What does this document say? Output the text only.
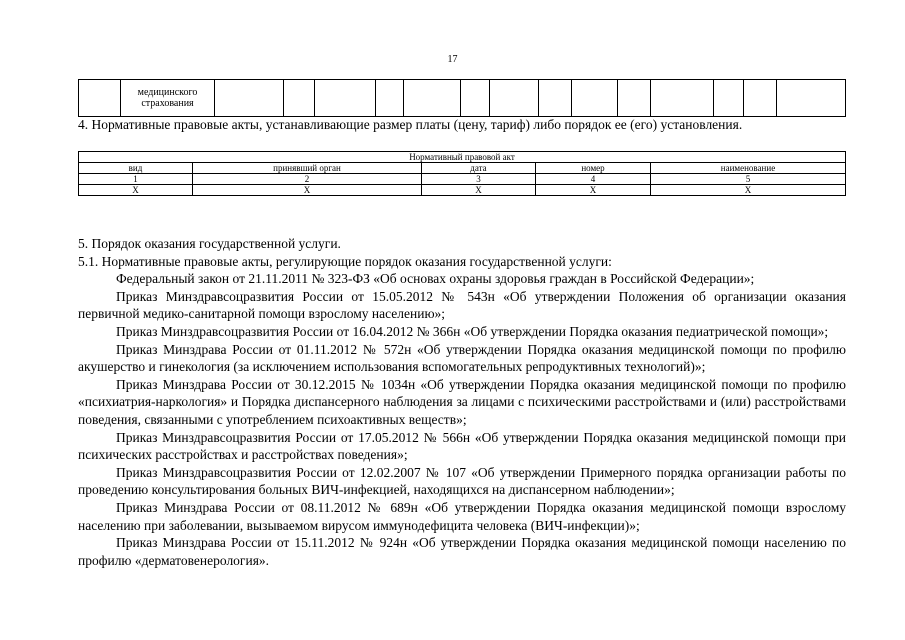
17
	медицинского
страхования														
4. Нормативные правовые акты, устанавливающие размер платы (цену, тариф) либо порядок ее (его) установления.
Нормативный правовой акт				
вид	принявший орган	дата	номер	наименование
1	2	3	4	5
Х	Х	Х	Х	Х

5. Порядок оказания государственной услуги.

5.1. Нормативные правовые акты, регулирующие порядок оказания государственной услуги:

Федеральный закон от 21.11.2011 № 323-ФЗ «Об основах охраны здоровья граждан в Российской Федерации»;

Приказ Минздравсоцразвития России от 15.05.2012 № 543н «Об утверждении Положения об организации оказания первичной медико-санитарной помощи взрослому населению»;

Приказ Минздравсоцразвития России от 16.04.2012 № 366н «Об утверждении Порядка оказания педиатрической помощи»;

Приказ Минздрава России от 01.11.2012 № 572н «Об утверждении Порядка оказания медицинской помощи по профилю акушерство и гинекология (за исключением использования вспомогательных репродуктивных технологий)»;

Приказ Минздрава России от 30.12.2015 № 1034н «Об утверждении Порядка оказания медицинской помощи по профилю «психиатрия-наркология» и Порядка диспансерного наблюдения за лицами с психическими расстройствами и (или) расстройствами поведения, связанными с употреблением психоактивных веществ»;

Приказ Минздравсоцразвития России от 17.05.2012 № 566н «Об утверждении Порядка оказания медицинской помощи при психических расстройствах и расстройствах поведения»;

Приказ Минздравсоцразвития России от 12.02.2007 № 107 «Об утверждении Примерного порядка организации работы по проведению консультирования больных ВИЧ-инфекцией, находящихся на диспансерном наблюдении»;

Приказ Минздрава России от 08.11.2012 № 689н «Об утверждении Порядка оказания медицинской помощи взрослому населению при заболевании, вызываемом вирусом иммунодефицита человека (ВИЧ-инфекции)»;

Приказ Минздрава России от 15.11.2012 № 924н «Об утверждении Порядка оказания медицинской помощи населению по профилю «дерматовенерология».
